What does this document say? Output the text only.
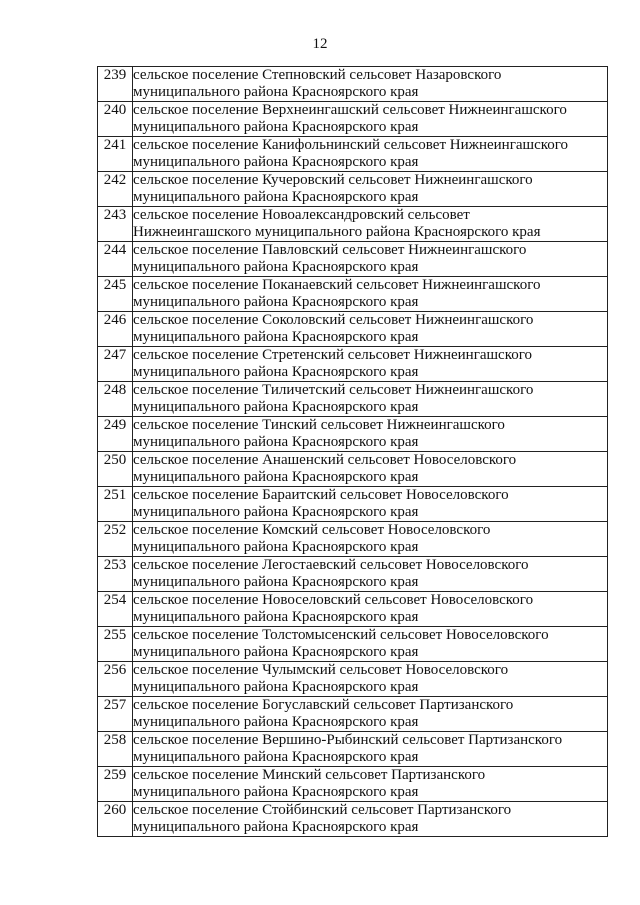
12
239	сельское поселение Степновский сельсовет Назаровского
муниципального района Красноярского края

240	сельское поселение Верхнеингашский сельсовет Нижнеингашского
муниципального района Красноярского края

241	сельское поселение Канифольнинский сельсовет Нижнеингашского
муниципального района Красноярского края

242	сельское поселение Кучеровский сельсовет Нижнеингашского
муниципального района Красноярского края

243	сельское поселение Новоалександровский сельсовет
Нижнеингашского муниципального района Красноярского края

244	сельское поселение Павловский сельсовет Нижнеингашского
муниципального района Красноярского края

245	сельское поселение Поканаевский сельсовет Нижнеингашского
муниципального района Красноярского края

246	сельское поселение Соколовский сельсовет Нижнеингашского
муниципального района Красноярского края

247	сельское поселение Стретенский сельсовет Нижнеингашского
муниципального района Красноярского края

248	сельское поселение Тиличетский сельсовет Нижнеингашского
муниципального района Красноярского края

249	сельское поселение Тинский сельсовет Нижнеингашского
муниципального района Красноярского края

250	сельское поселение Анашенский сельсовет Новоселовского
муниципального района Красноярского края

251	сельское поселение Бараитский сельсовет Новоселовского
муниципального района Красноярского края

252	сельское поселение Комский сельсовет Новоселовского
муниципального района Красноярского края

253	сельское поселение Легостаевский сельсовет Новоселовского
муниципального района Красноярского края

254	сельское поселение Новоселовский сельсовет Новоселовского
муниципального района Красноярского края

255	сельское поселение Толстомысенский сельсовет Новоселовского
муниципального района Красноярского края

256	сельское поселение Чулымский сельсовет Новоселовского
муниципального района Красноярского края

257	сельское поселение Богуславский сельсовет Партизанского
муниципального района Красноярского края

258	сельское поселение Вершино-Рыбинский сельсовет Партизанского
муниципального района Красноярского края

259	сельское поселение Минский сельсовет Партизанского
муниципального района Красноярского края

260	сельское поселение Стойбинский сельсовет Партизанского
муниципального района Красноярского края
